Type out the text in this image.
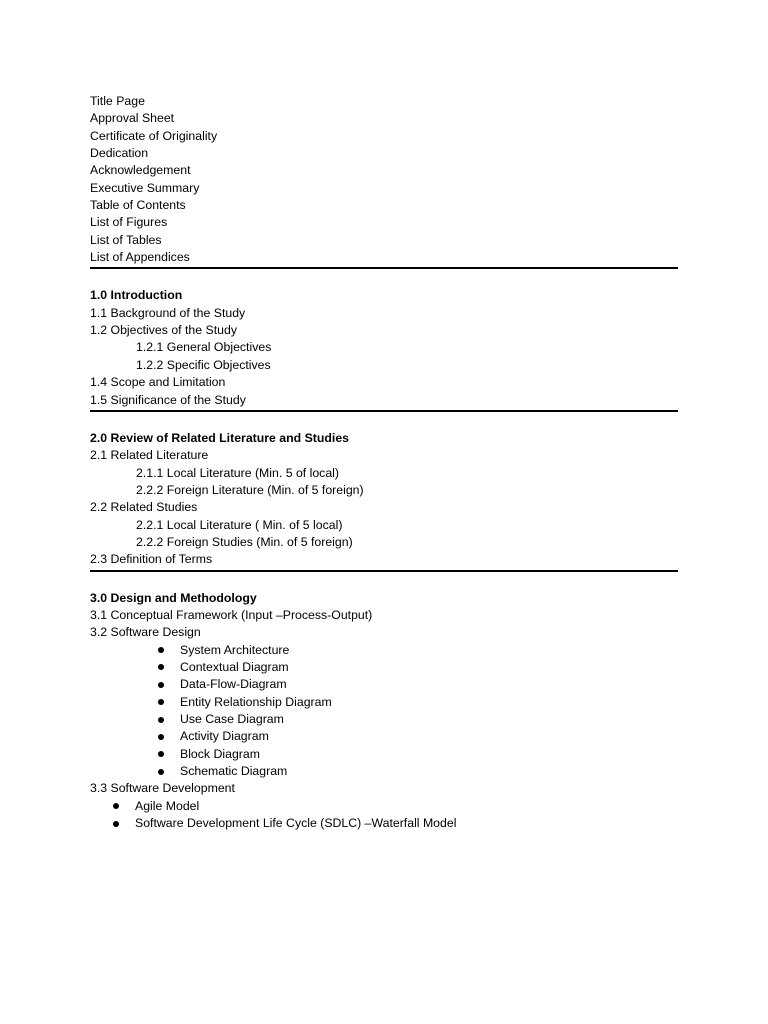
Title Page
Approval Sheet
Certificate of Originality
Dedication
Acknowledgement
Executive Summary
Table of Contents
List of Figures
List of Tables
List of Appendices
1.0 Introduction
1.1 Background of the Study
1.2 Objectives of the Study
1.2.1 General Objectives
1.2.2 Specific Objectives
1.4 Scope and Limitation
1.5 Significance of the Study
2.0 Review of Related Literature and Studies
2.1 Related Literature
2.1.1 Local Literature (Min. 5 of local)
2.2.2 Foreign Literature (Min. of 5 foreign)
2.2 Related Studies
2.2.1 Local Literature ( Min. of 5 local)
2.2.2 Foreign Studies (Min. of 5 foreign)
2.3 Definition of Terms
3.0 Design and Methodology
3.1 Conceptual Framework (Input –Process-Output)
3.2 Software Design
System Architecture
Contextual Diagram
Data-Flow-Diagram
Entity Relationship Diagram
Use Case Diagram
Activity Diagram
Block Diagram
Schematic Diagram
3.3 Software Development
Agile Model
Software Development Life Cycle (SDLC) –Waterfall Model
